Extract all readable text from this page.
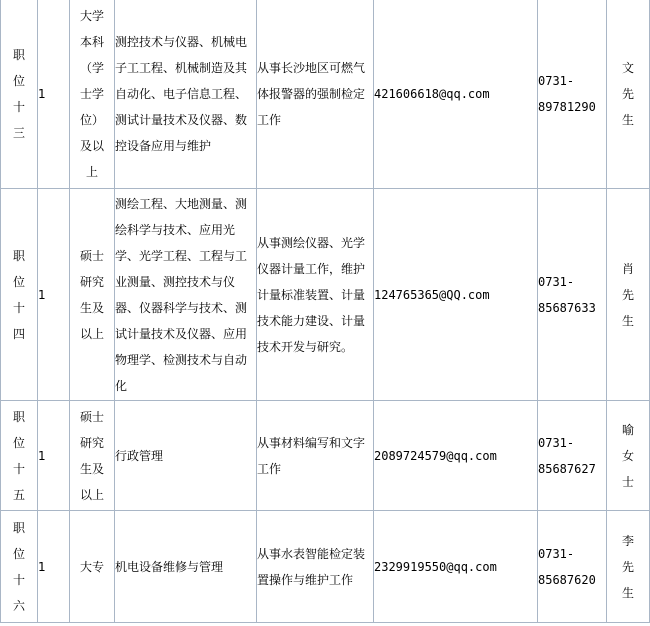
职位十三	1	大学本科（学士学位）及以上	测控技术与仪器、机械电子工工程、机械制造及其自动化、电子信息工程、测试计量技术及仪器、数控设备应用与维护	从事长沙地区可燃气体报警器的强制检定工作	421606618@qq.com	0731-89781290	文先生
职位十四	1	硕士研究生及以上	测绘工程、大地测量、测绘科学与技术、应用光学、光学工程、工程与工业测量、测控技术与仪器、仪器科学与技术、测试计量技术及仪器、应用物理学、检测技术与自动化	从事测绘仪器、光学仪器计量工作，维护计量标准装置、计量技术能力建设、计量技术开发与研究。	124765365@QQ.com	0731-85687633	肖先生
职位十五	1	硕士研究生及以上	行政管理	从事材料编写和文字工作	2089724579@qq.com	0731-85687627	喻女士
职位十六	1	大专	机电设备维修与管理	从事水表智能检定装置操作与维护工作	2329919550@qq.com	0731-85687620	李先生
